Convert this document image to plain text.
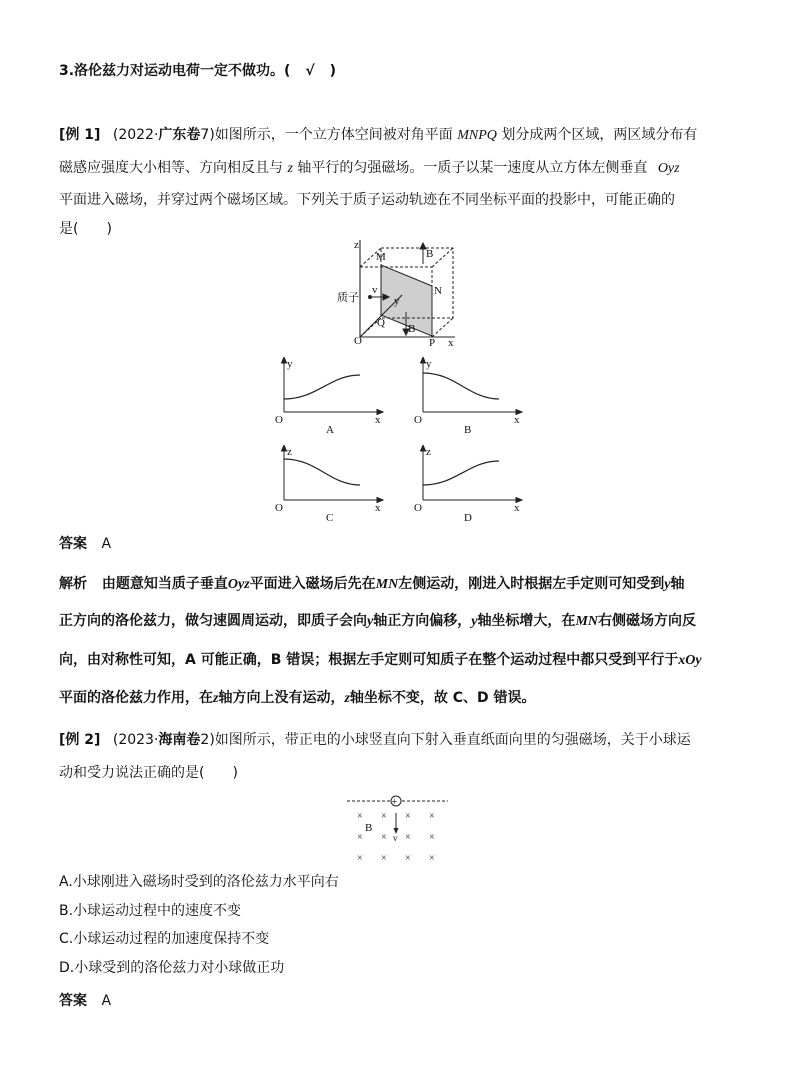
3.洛伦兹力对运动电荷一定不做功。( √ )
[例 1] (2022·广东卷7)如图所示，一个立方体空间被对角平面 MNPQ 划分成两个区域，两区域分布有
磁感应强度大小相等、方向相反且与 z 轴平行的匀强磁场。一质子以某一速度从立方体左侧垂直 Oyz
平面进入磁场，并穿过两个磁场区域。下列关于质子运动轨迹在不同坐标平面的投影中，可能正确的
是(　　)
M
N
P
Q
O
B
B
z
x
y
v
质子
y
x
O
A
y
x
O
B
z
x
O
C
z
x
O
D
答案 A
解析 由题意知当质子垂直Oyz平面进入磁场后先在MN左侧运动，刚进入时根据左手定则可知受到y轴
正方向的洛伦兹力，做匀速圆周运动，即质子会向y轴正方向偏移，y轴坐标增大，在MN右侧磁场方向反
向，由对称性可知，A 可能正确，B 错误；根据左手定则可知质子在整个运动过程中都只受到平行于xOy
平面的洛伦兹力作用，在z轴方向上没有运动，z轴坐标不变，故 C、D 错误。
[例 2] (2023·海南卷2)如图所示，带正电的小球竖直向下射入垂直纸面向里的匀强磁场，关于小球运
动和受力说法正确的是(　　)
+
v
B
× × × ×
× × × ×
× × × ×
A.小球刚进入磁场时受到的洛伦兹力水平向右
B.小球运动过程中的速度不变
C.小球运动过程的加速度保持不变
D.小球受到的洛伦兹力对小球做正功
答案 A
